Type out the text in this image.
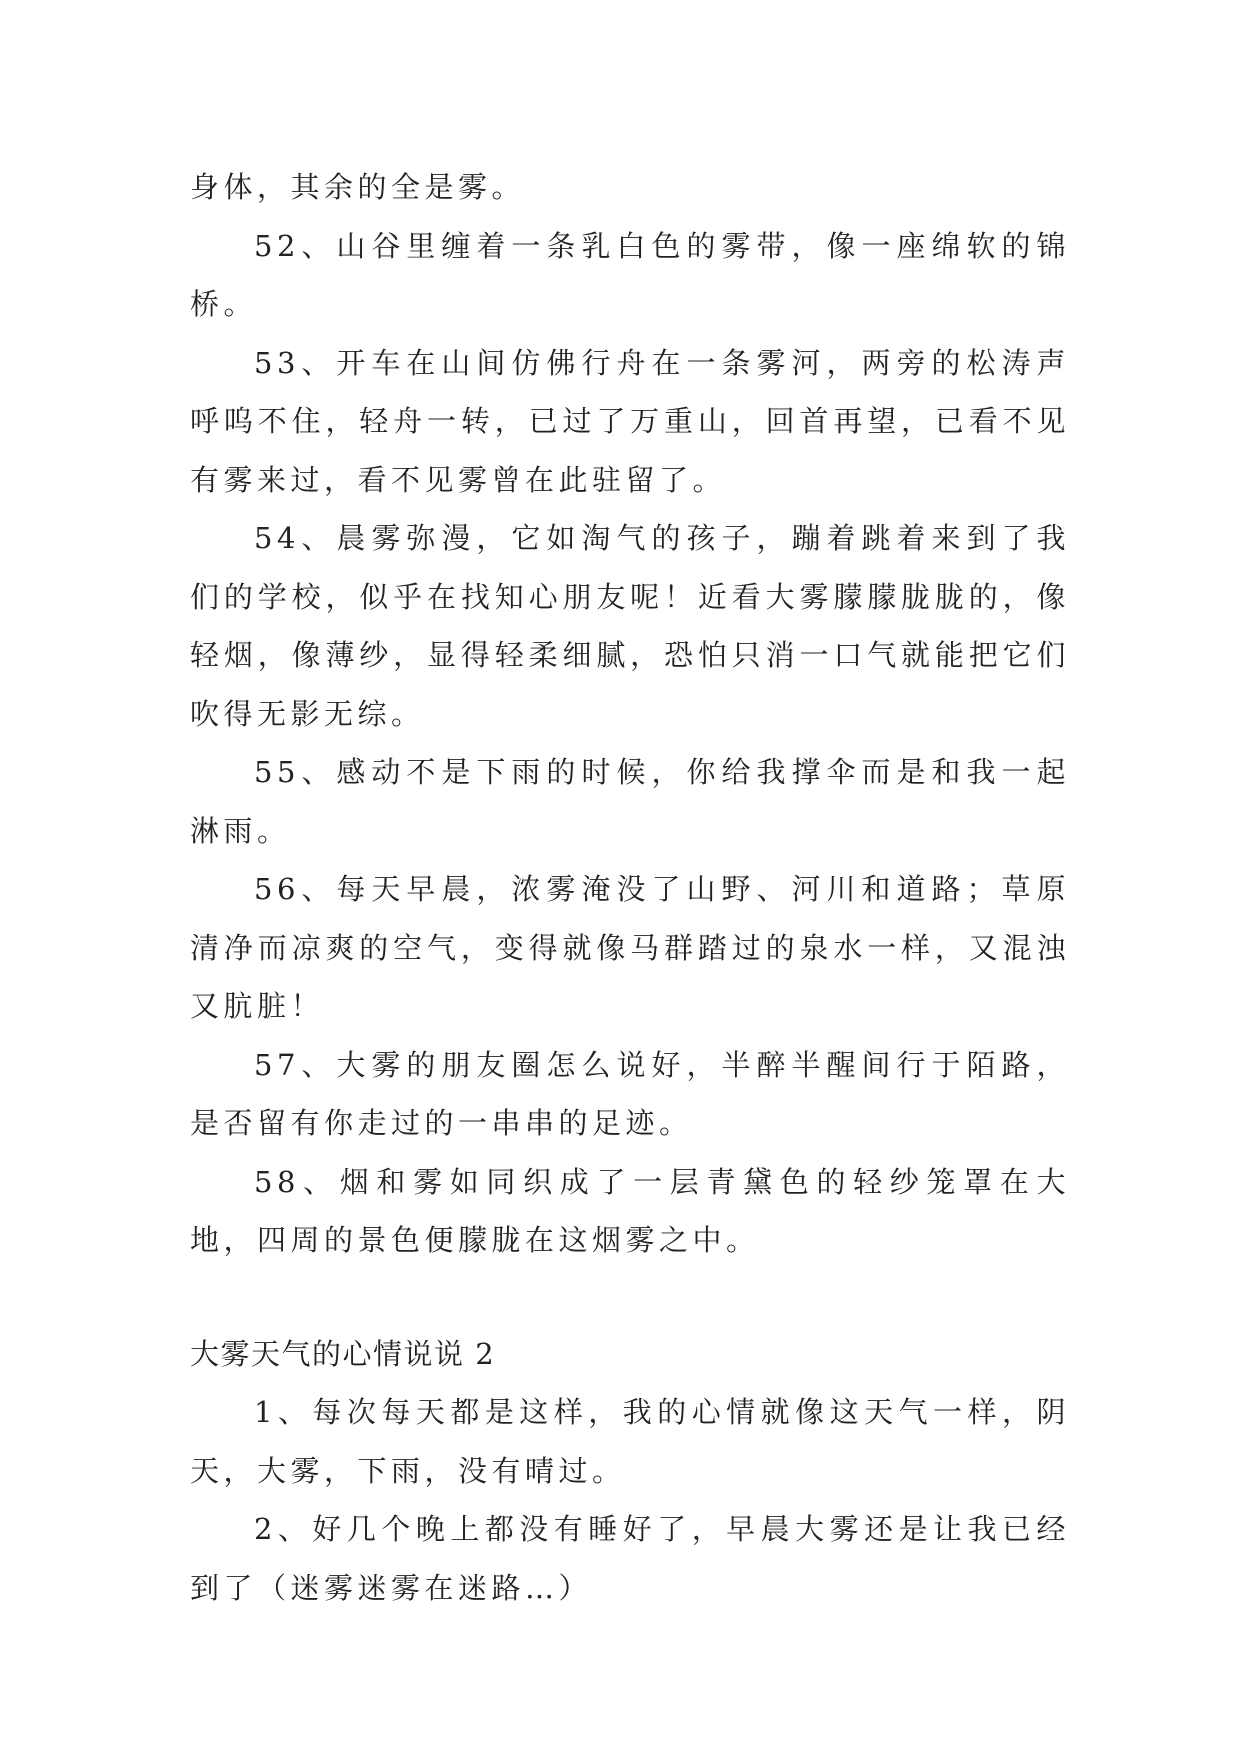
身体，其余的全是雾。

52、山谷里缠着一条乳白色的雾带，像一座绵软的锦桥。

53、开车在山间仿佛行舟在一条雾河，两旁的松涛声呼呜不住，轻舟一转，已过了万重山，回首再望，已看不见有雾来过，看不见雾曾在此驻留了。

54、晨雾弥漫，它如淘气的孩子，蹦着跳着来到了我们的学校，似乎在找知心朋友呢！近看大雾朦朦胧胧的，像轻烟，像薄纱，显得轻柔细腻，恐怕只消一口气就能把它们吹得无影无综。

55、感动不是下雨的时候，你给我撑伞而是和我一起淋雨。

56、每天早晨，浓雾淹没了山野、河川和道路；草原清净而凉爽的空气，变得就像马群踏过的泉水一样，又混浊又肮脏！

57、大雾的朋友圈怎么说好，半醉半醒间行于陌路，是否留有你走过的一串串的足迹。

58、烟和雾如同织成了一层青黛色的轻纱笼罩在大地，四周的景色便朦胧在这烟雾之中。

大雾天气的心情说说 2

1、每次每天都是这样，我的心情就像这天气一样，阴天，大雾，下雨，没有晴过。

2、好几个晚上都没有睡好了，早晨大雾还是让我已经到了（迷雾迷雾在迷路…）
